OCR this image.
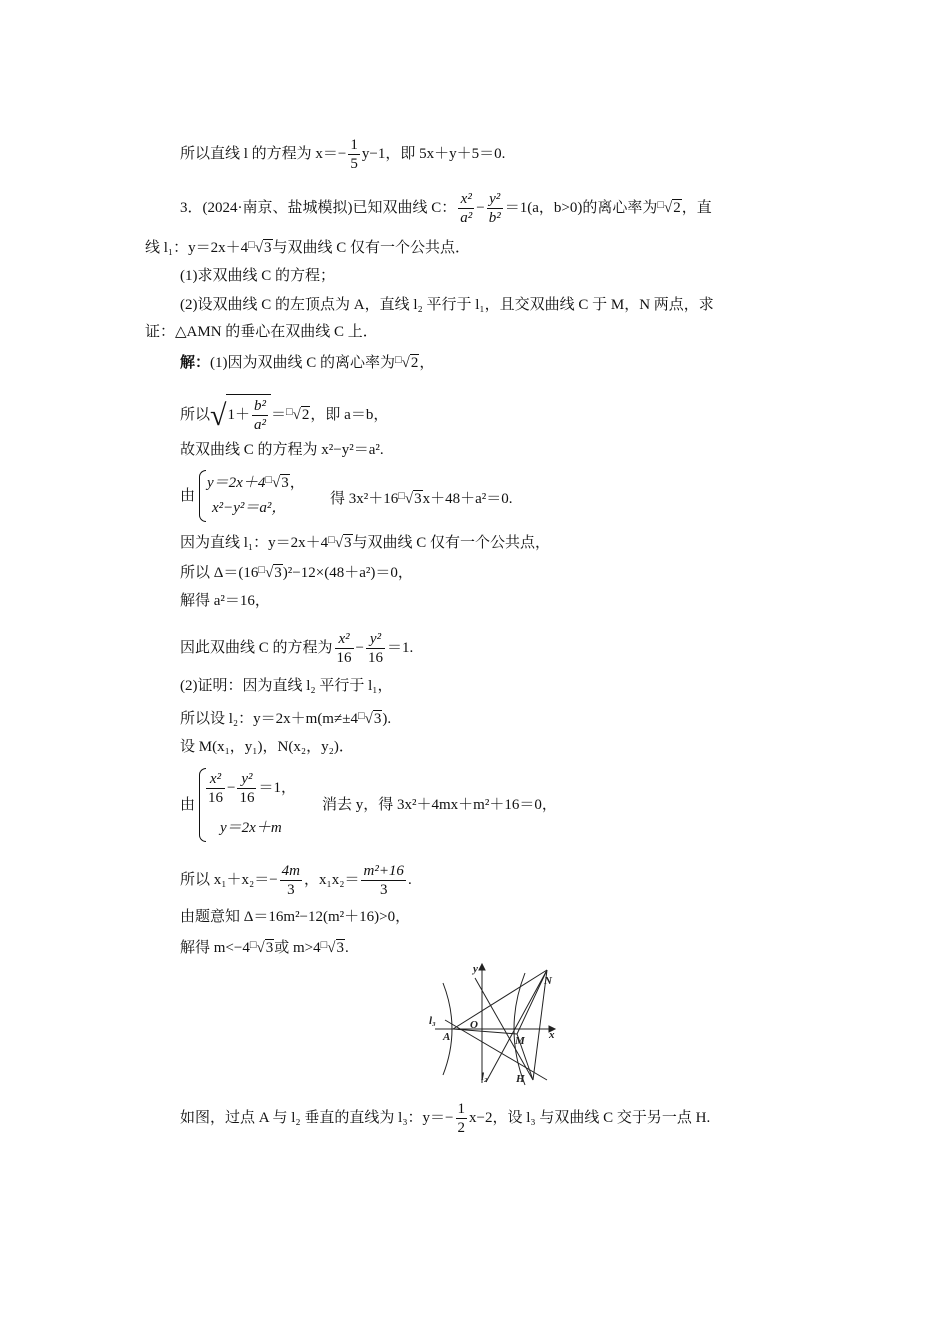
所以直线 l 的方程为 $x=- \frac{1}{5} y-1$，即 5x＋y＋5＝0.
3．(2024·南京、盐城模拟)已知双曲线 C： $\frac{\text{x²}}{\text{a²}} - \frac{\text{y²}}{\text{b²}} =1(a$，b>0)的离心率为□√2，直
线 l₁：y＝2x＋4□√3与双曲线 C 仅有一个公共点．
(1)求双曲线 C 的方程；
(2)设双曲线 C 的左顶点为 A，直线 l₂ 平行于 l₁，且交双曲线 C 于 M，N 两点，求
证：△AMN 的垂心在双曲线 C 上．
解：(1)因为双曲线 C 的离心率为□√2，
所以$√1+ \frac{\text{b²}}{\text{a²}} =^□√2$，即 a＝b，
故双曲线 C 的方程为 x²−y²＝a².
由
y＝2x＋4□√3，
x²−y²＝a²，
得 3x²＋16□√3x＋48＋a²＝0.
因为直线 l₁：y＝2x＋4□√3与双曲线 C 仅有一个公共点，
所以 Δ＝(16□√3)²−12×(48＋a²)＝0，
解得 a²＝16，
因此双曲线 C 的方程为 $\frac{\text{x²}}{16} - \frac{\text{y²}}{16} =1$.
(2)证明：因为直线 l₂ 平行于 l₁，
所以设 l₂：y＝2x＋m(m≠±4□√3).
设 M(x₁，y₁)，N(x₂，y₂)．
由 $\frac{\text{x²}}{16} - \frac{\text{y²}}{16} =1$，
y＝2x＋m
消去 y，得 3x²＋4mx＋m²＋16＝0，
所以 $x_1+x_2=- \frac{4m}{3}$ ，$x_1x_2= \frac{\text{m²+16}}{3}$ .
由题意知 Δ＝16m²−12(m²＋16)>0，
解得 m<−4□√3或 m>4□√3.
y
x
O
A	M
N
H
l₂
l₃
如图，过点 A 与 l₂ 垂直的直线为 l₃：$y=- \frac{1}{2} x-2$，设 l₃ 与双曲线 C 交于另一点 H.
